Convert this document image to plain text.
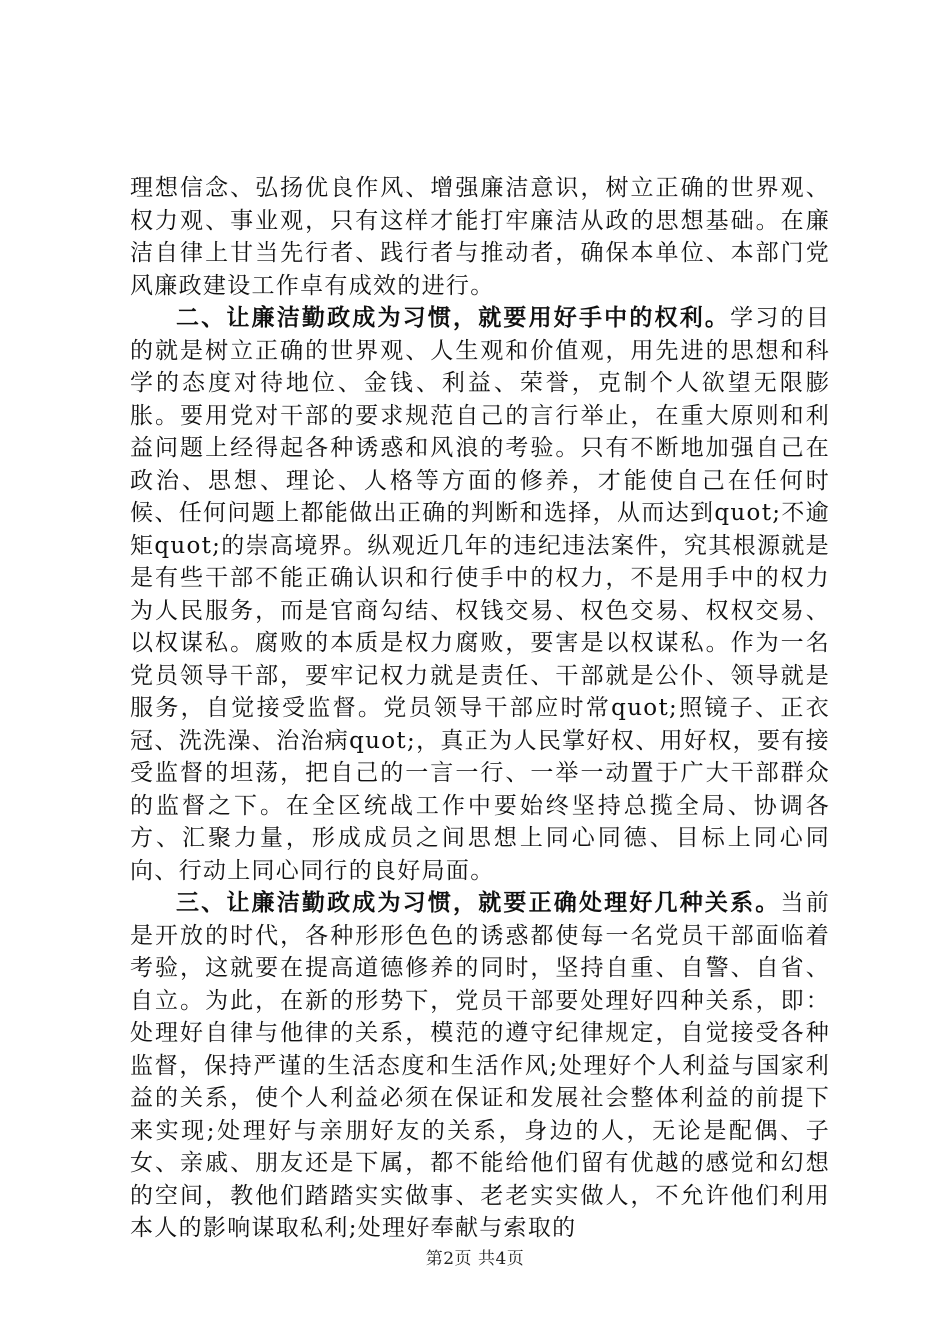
理想信念、弘扬优良作风、增强廉洁意识，树立正确的世界观、权力观、事业观，只有这样才能打牢廉洁从政的思想基础。在廉洁自律上甘当先行者、践行者与推动者，确保本单位、本部门党风廉政建设工作卓有成效的进行。

二、让廉洁勤政成为习惯，就要用好手中的权利。学习的目的就是树立正确的世界观、人生观和价值观，用先进的思想和科学的态度对待地位、金钱、利益、荣誉，克制个人欲望无限膨胀。要用党对干部的要求规范自己的言行举止，在重大原则和利益问题上经得起各种诱惑和风浪的考验。只有不断地加强自己在政治、思想、理论、人格等方面的修养，才能使自己在任何时候、任何问题上都能做出正确的判断和选择，从而达到quot;不逾矩quot;的崇高境界。纵观近几年的违纪违法案件，究其根源就是是有些干部不能正确认识和行使手中的权力，不是用手中的权力为人民服务，而是官商勾结、权钱交易、权色交易、权权交易、以权谋私。腐败的本质是权力腐败，要害是以权谋私。作为一名党员领导干部，要牢记权力就是责任、干部就是公仆、领导就是服务，自觉接受监督。党员领导干部应时常quot;照镜子、正衣冠、洗洗澡、治治病quot;，真正为人民掌好权、用好权，要有接受监督的坦荡，把自己的一言一行、一举一动置于广大干部群众的监督之下。在全区统战工作中要始终坚持总揽全局、协调各方、汇聚力量，形成成员之间思想上同心同德、目标上同心同向、行动上同心同行的良好局面。

三、让廉洁勤政成为习惯，就要正确处理好几种关系。当前是开放的时代，各种形形色色的诱惑都使每一名党员干部面临着考验，这就要在提高道德修养的同时，坚持自重、自警、自省、自立。为此，在新的形势下，党员干部要处理好四种关系，即：处理好自律与他律的关系，模范的遵守纪律规定，自觉接受各种监督，保持严谨的生活态度和生活作风;处理好个人利益与国家利益的关系，使个人利益必须在保证和发展社会整体利益的前提下来实现;处理好与亲朋好友的关系，身边的人，无论是配偶、子女、亲戚、朋友还是下属，都不能给他们留有优越的感觉和幻想的空间，教他们踏踏实实做事、老老实实做人，不允许他们利用本人的影响谋取私利;处理好奉献与索取的

第2页 共4页
